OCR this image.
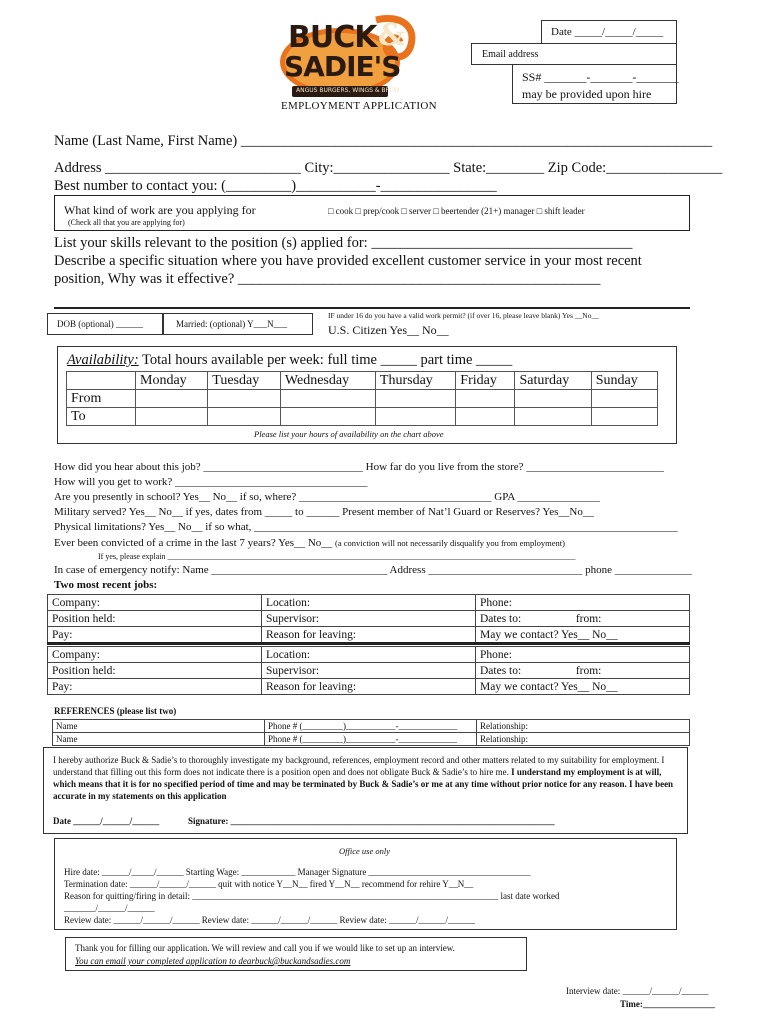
BUCK &
SADIE'S
ANGUS BURGERS, WINGS & BREW
EMPLOYMENT APPLICATION
Date _____/_____/_____
Email address
SS# _______-_______-_______
may be provided upon hire
Name (Last Name, First Name) _________________________________________________________________
Address ___________________________ City:________________ State:________ Zip Code:________________
Best number to contact you: (_________)___________-________________
What kind of work are you applying for
(Check all that you are applying for)
□ cook □ prep/cook □ server □ beertender (21+) manager □ shift leader
List your skills relevant to the position (s) applied for: ____________________________________
Describe a specific situation where you have provided excellent customer service in your most recent
position, Why was it effective? __________________________________________________
DOB (optional) ______	Married: (optional) Y___N___
IF under 16 do you have a valid work permit? (if over 16, please leave blank) Yes __No__
U.S. Citizen Yes__ No__
Availability: Total hours available per week: full time _____ part time _____
	Monday	Tuesday	Wednesday	Thursday	Friday	Saturday	Sunday
From							
To							
Please list your hours of availability on the chart above
How did you hear about this job? _____________________________ How far do you live from the store? _________________________
How will you get to work? ___________________________________
Are you presently in school? Yes__ No__ if so, where? ___________________________________ GPA _______________
Military served? Yes__ No__ if yes, dates from _____ to ______ Present member of Nat’l Guard or Reserves? Yes__No__
Physical limitations? Yes__ No__ if so what, _____________________________________________________________________________
Ever been convicted of a crime in the last 7 years? Yes__ No__ (a conviction will not necessarily disqualify you from employment)
If yes, please explain ______________________________________________________________________________________________________
In case of emergency notify: Name ________________________________ Address ____________________________ phone ______________
Two most recent jobs:
Company:	Location:	Phone:
Position held:	Supervisor:	Dates to:                   from:
Pay:	Reason for leaving:	May we contact? Yes__ No__
Company:	Location:	Phone:
Position held:	Supervisor:	Dates to:                   from:
Pay:	Reason for leaving:	May we contact? Yes__ No__
REFERENCES (please list two)
Name	Phone # (_________)___________-_____________	Relationship:
Name	Phone # (_________)___________-_____________	Relationship:
I hereby authorize Buck & Sadie’s to thoroughly investigate my background, references, employment record and other matters related to my suitability for employment. I understand that filling out this form does not indicate there is a position open and does not obligate Buck & Sadie’s to hire me. I understand my employment is at will, which means that it is for no specified period of time and may be terminated by Buck & Sadie’s or me at any time without prior notice for any reason. I have been accurate in my statements on this application
Date ______/______/______	Signature: ________________________________________________________________________
Office use only
Hire date: ______/_____/______ Starting Wage: ____________ Manager Signature ____________________________________
Termination date: ______/______/______ quit with notice Y__N__ fired Y__N__ recommend for rehire Y__N__
Reason for quitting/firing in detail: ____________________________________________________________________ last date worked
_______/______/______
Review date: ______/______/______ Review date: ______/______/______ Review date: ______/______/______
Thank you for filling our application. We will review and call you if we would like to set up an interview.
You can email your completed application to dearbuck@buckandsadies.com
Interview date: ______/______/______
Time:________________
